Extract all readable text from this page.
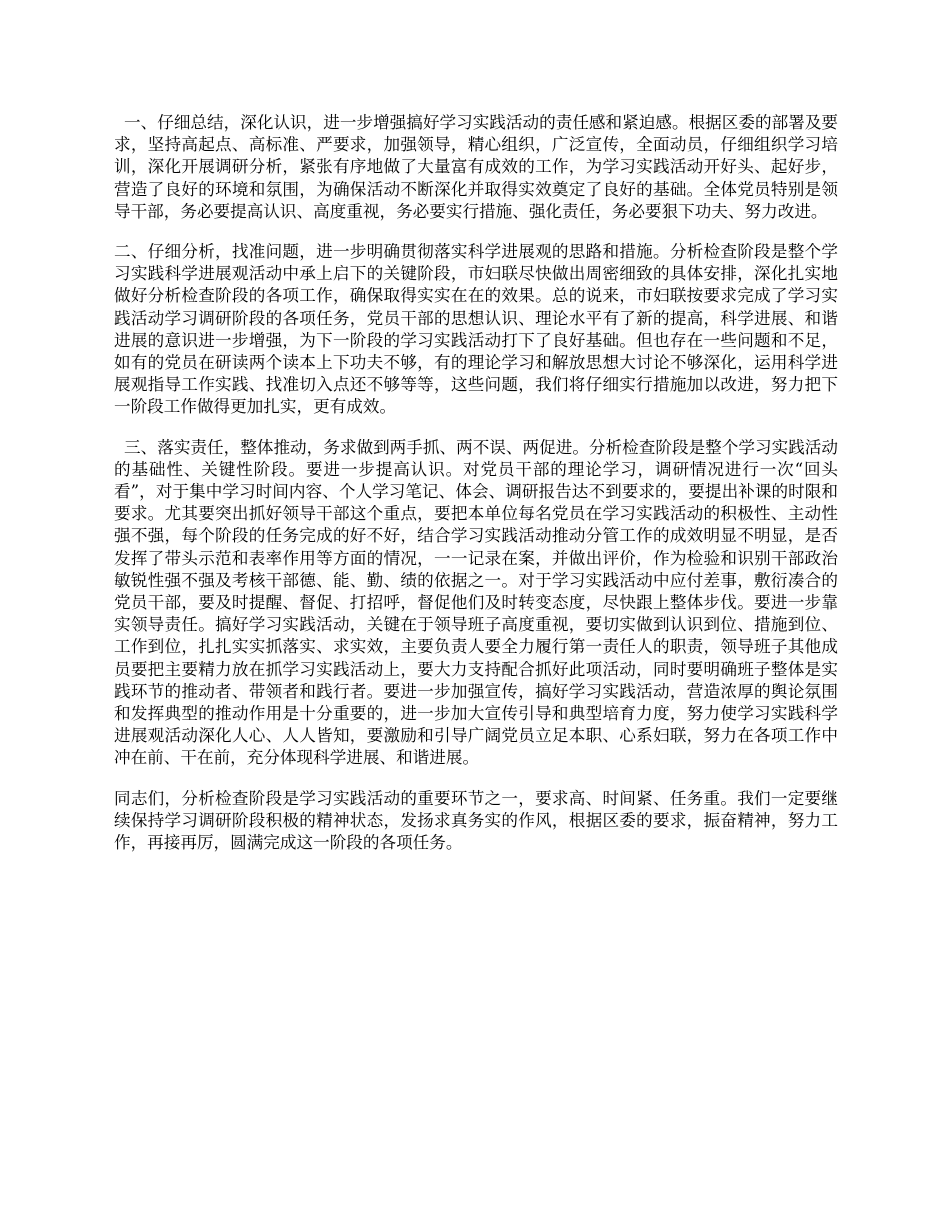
一、仔细总结，深化认识，进一步增强搞好学习实践活动的责任感和紧迫感。根据区委的部署及要求，坚持高起点、高标准、严要求，加强领导，精心组织，广泛宣传，全面动员，仔细组织学习培训，深化开展调研分析，紧张有序地做了大量富有成效的工作，为学习实践活动开好头、起好步，营造了良好的环境和氛围，为确保活动不断深化并取得实效奠定了良好的基础。全体党员特别是领导干部，务必要提高认识、高度重视，务必要实行措施、强化责任，务必要狠下功夫、努力改进。

二、仔细分析，找准问题，进一步明确贯彻落实科学进展观的思路和措施。分析检查阶段是整个学习实践科学进展观活动中承上启下的关键阶段，市妇联尽快做出周密细致的具体安排，深化扎实地做好分析检查阶段的各项工作，确保取得实实在在的效果。总的说来，市妇联按要求完成了学习实践活动学习调研阶段的各项任务，党员干部的思想认识、理论水平有了新的提高，科学进展、和谐进展的意识进一步增强，为下一阶段的学习实践活动打下了良好基础。但也存在一些问题和不足，如有的党员在研读两个读本上下功夫不够，有的理论学习和解放思想大讨论不够深化，运用科学进展观指导工作实践、找准切入点还不够等等，这些问题，我们将仔细实行措施加以改进，努力把下一阶段工作做得更加扎实，更有成效。

三、落实责任，整体推动，务求做到两手抓、两不误、两促进。分析检查阶段是整个学习实践活动的基础性、关键性阶段。要进一步提高认识。对党员干部的理论学习，调研情况进行一次“回头看”，对于集中学习时间内容、个人学习笔记、体会、调研报告达不到要求的，要提出补课的时限和要求。尤其要突出抓好领导干部这个重点，要把本单位每名党员在学习实践活动的积极性、主动性强不强，每个阶段的任务完成的好不好，结合学习实践活动推动分管工作的成效明显不明显，是否发挥了带头示范和表率作用等方面的情况，一一记录在案，并做出评价，作为检验和识别干部政治敏锐性强不强及考核干部德、能、勤、绩的依据之一。对于学习实践活动中应付差事，敷衍凑合的党员干部，要及时提醒、督促、打招呼，督促他们及时转变态度，尽快跟上整体步伐。要进一步靠实领导责任。搞好学习实践活动，关键在于领导班子高度重视，要切实做到认识到位、措施到位、工作到位，扎扎实实抓落实、求实效，主要负责人要全力履行第一责任人的职责，领导班子其他成员要把主要精力放在抓学习实践活动上，要大力支持配合抓好此项活动，同时要明确班子整体是实践环节的推动者、带领者和践行者。要进一步加强宣传，搞好学习实践活动，营造浓厚的舆论氛围和发挥典型的推动作用是十分重要的，进一步加大宣传引导和典型培育力度，努力使学习实践科学进展观活动深化人心、人人皆知，要激励和引导广阔党员立足本职、心系妇联，努力在各项工作中冲在前、干在前，充分体现科学进展、和谐进展。

同志们，分析检查阶段是学习实践活动的重要环节之一，要求高、时间紧、任务重。我们一定要继续保持学习调研阶段积极的精神状态，发扬求真务实的作风，根据区委的要求，振奋精神，努力工作，再接再厉，圆满完成这一阶段的各项任务。
